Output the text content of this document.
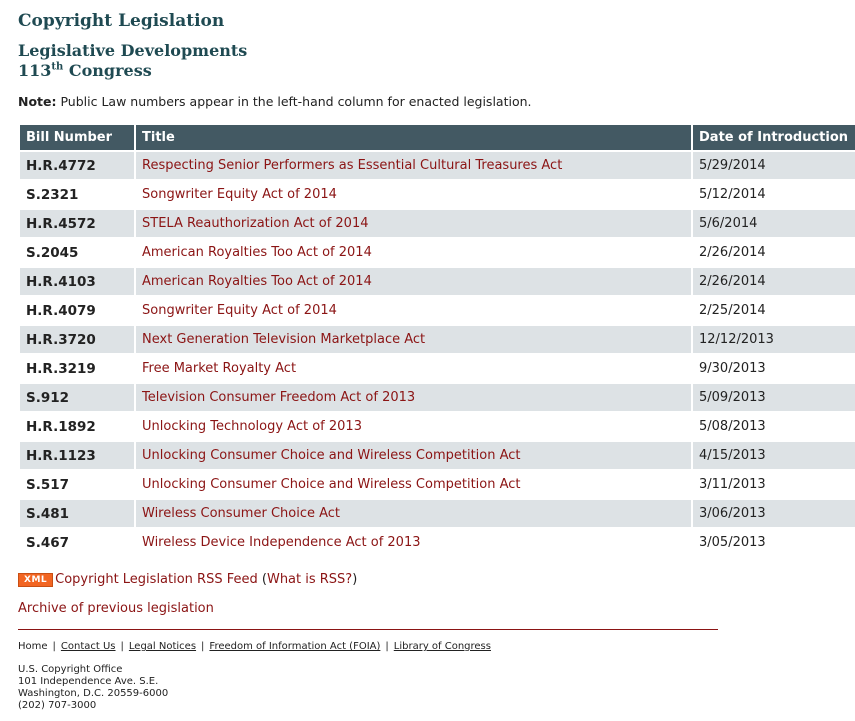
Copyright Legislation
Legislative Developments
113th Congress
Note: Public Law numbers appear in the left-hand column for enacted legislation.
Bill Number	Title	Date of Introduction
H.R.4772	Respecting Senior Performers as Essential Cultural Treasures Act	5/29/2014
S.2321	Songwriter Equity Act of 2014	5/12/2014
H.R.4572	STELA Reauthorization Act of 2014	5/6/2014
S.2045	American Royalties Too Act of 2014	2/26/2014
H.R.4103	American Royalties Too Act of 2014	2/26/2014
H.R.4079	Songwriter Equity Act of 2014	2/25/2014
H.R.3720	Next Generation Television Marketplace Act	12/12/2013
H.R.3219	Free Market Royalty Act	9/30/2013
S.912	Television Consumer Freedom Act of 2013	5/09/2013
H.R.1892	Unlocking Technology Act of 2013	5/08/2013
H.R.1123	Unlocking Consumer Choice and Wireless Competition Act	4/15/2013
S.517	Unlocking Consumer Choice and Wireless Competition Act	3/11/2013
S.481	Wireless Consumer Choice Act	3/06/2013
S.467	Wireless Device Independence Act of 2013	3/05/2013
XML Copyright Legislation RSS Feed (What is RSS?)
Archive of previous legislation
Home | Contact Us | Legal Notices | Freedom of Information Act (FOIA) | Library of Congress
U.S. Copyright Office
101 Independence Ave. S.E.
Washington, D.C. 20559-6000
(202) 707-3000
